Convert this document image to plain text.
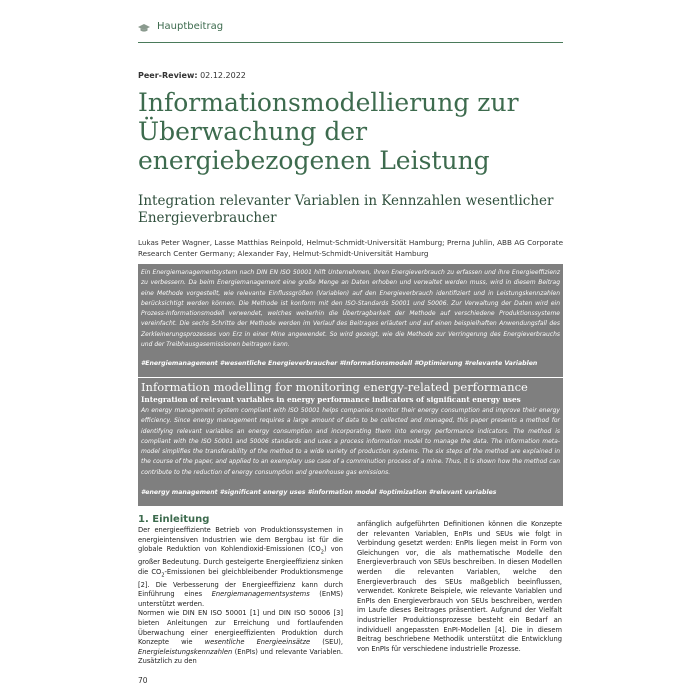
Hauptbeitrag
Peer-Review: 02.12.2022
Informationsmodellierung zur Überwachung der energiebezogenen Leistung
Integration relevanter Variablen in Kennzahlen wesentlicher Energieverbraucher
Lukas Peter Wagner, Lasse Matthias Reinpold, Helmut-Schmidt-Universität Hamburg; Prerna Juhlin, ABB AG Corporate Research Center Germany; Alexander Fay, Helmut-Schmidt-Universität Hamburg
Ein Energiemanagementsystem nach DIN EN ISO 50001 hilft Unternehmen, ihren Energieverbrauch zu erfassen und ihre Energieeffizienz zu verbessern. Da beim Energiemanagement eine große Menge an Daten erhoben und verwaltet werden muss, wird in diesem Beitrag eine Methode vorgestellt, wie relevante Einflussgrößen (Variablen) auf den Energieverbrauch identifiziert und in Leistungskennzahlen berücksichtigt werden können. Die Methode ist konform mit den ISO-Standards 50001 und 50006. Zur Verwaltung der Daten wird ein Prozess-Informationsmodell verwendet, welches weiterhin die Übertragbarkeit der Methode auf verschiedene Produktionssysteme vereinfacht. Die sechs Schritte der Methode werden im Verlauf des Beitrages erläutert und auf einen beispielhaften Anwendungsfall des Zerkleinerungsprozesses von Erz in einer Mine angewendet. So wird gezeigt, wie die Methode zur Verringerung des Energieverbrauchs und der Treibhausgasemissionen beitragen kann.
#Energiemanagement #wesentliche Energieverbraucher #Informationsmodell #Optimierung #relevante Variablen
Information modelling for monitoring energy-related performance
Integration of relevant variables in energy performance indicators of significant energy uses
An energy management system compliant with ISO 50001 helps companies monitor their energy consumption and improve their energy efficiency. Since energy management requires a large amount of data to be collected and managed, this paper presents a method for identifying relevant variables an energy consumption and incorporating them into energy performance indicators. The method is compliant with the ISO 50001 and 50006 standards and uses a process information model to manage the data. The information meta-model simplifies the transferability of the method to a wide variety of production systems. The six steps of the method are explained in the course of the paper, and applied to an exemplary use case of a comminution process of a mine. Thus, it is shown how the method can contribute to the reduction of energy consumption and greenhouse gas emissions.
#energy management #significant energy uses #information model #optimization #relevant variables
1. Einleitung

Der energieeffiziente Betrieb von Produktionssystemen in energieintensiven Industrien wie dem Bergbau ist für die globale Reduktion von Kohlendioxid-Emissionen $(CO_2)$ von großer Bedeutung. Durch gesteigerte Energieeffizienz sinken die $CO_2$-Emissionen bei gleichbleibender Produktionsmenge [2]. Die Verbesserung der Energieeffizienz kann durch Einführung eines Energiemanagementsystems (EnMS) unterstützt werden.

Normen wie DIN EN ISO 50001 [1] und DIN ISO 50006 [3] bieten Anleitungen zur Erreichung und fortlaufenden Überwachung einer energieeffizienten Produktion durch Konzepte wie wesentliche Energieeinsätze (SEU), Energieleistungskennzahlen (EnPIs) und relevante Variablen. Zusätzlich zu den

anfänglich aufgeführten Definitionen können die Konzepte der relevanten Variablen, EnPIs und SEUs wie folgt in Verbindung gesetzt werden: EnPIs liegen meist in Form von Gleichungen vor, die als mathematische Modelle den Energieverbrauch von SEUs beschreiben. In diesen Modellen werden die relevanten Variablen, welche den Energieverbrauch des SEUs maßgeblich beeinflussen, verwendet. Konkrete Beispiele, wie relevante Variablen und EnPIs den Energieverbrauch von SEUs beschreiben, werden im Laufe dieses Beitrages präsentiert. Aufgrund der Vielfalt industrieller Produktionsprozesse besteht ein Bedarf an individuell angepassten EnPI-Modellen [4]. Die in diesem Beitrag beschriebene Methodik unterstützt die Entwicklung von EnPIs für verschiedene industrielle Prozesse.

70
